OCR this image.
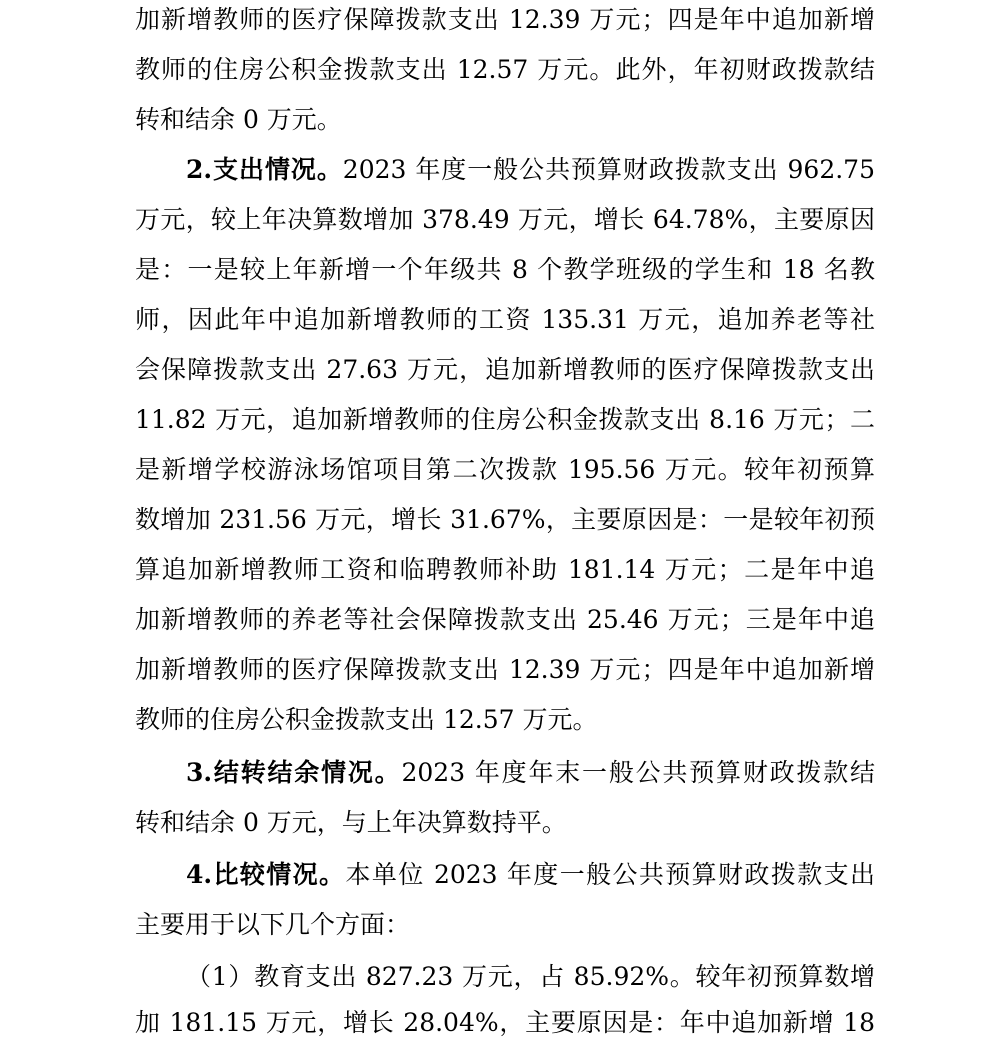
加新增教师的医疗保障拨款支出 12.39 万元；四是年中追加新增
教师的住房公积金拨款支出 12.57 万元。此外，年初财政拨款结
转和结余 0 万元。
2.支出情况。2023 年度一般公共预算财政拨款支出 962.75
万元，较上年决算数增加 378.49 万元，增长 64.78%，主要原因
是：一是较上年新增一个年级共 8 个教学班级的学生和 18 名教
师，因此年中追加新增教师的工资 135.31 万元，追加养老等社
会保障拨款支出 27.63 万元，追加新增教师的医疗保障拨款支出
11.82 万元，追加新增教师的住房公积金拨款支出 8.16 万元；二
是新增学校游泳场馆项目第二次拨款 195.56 万元。较年初预算
数增加 231.56 万元，增长 31.67%，主要原因是：一是较年初预
算追加新增教师工资和临聘教师补助 181.14 万元；二是年中追
加新增教师的养老等社会保障拨款支出 25.46 万元；三是年中追
加新增教师的医疗保障拨款支出 12.39 万元；四是年中追加新增
教师的住房公积金拨款支出 12.57 万元。
3.结转结余情况。2023 年度年末一般公共预算财政拨款结
转和结余 0 万元，与上年决算数持平。
4.比较情况。本单位 2023 年度一般公共预算财政拨款支出
主要用于以下几个方面：
（1）教育支出 827.23 万元，占 85.92%。较年初预算数增
加 181.15 万元，增长 28.04%，主要原因是：年中追加新增 18
